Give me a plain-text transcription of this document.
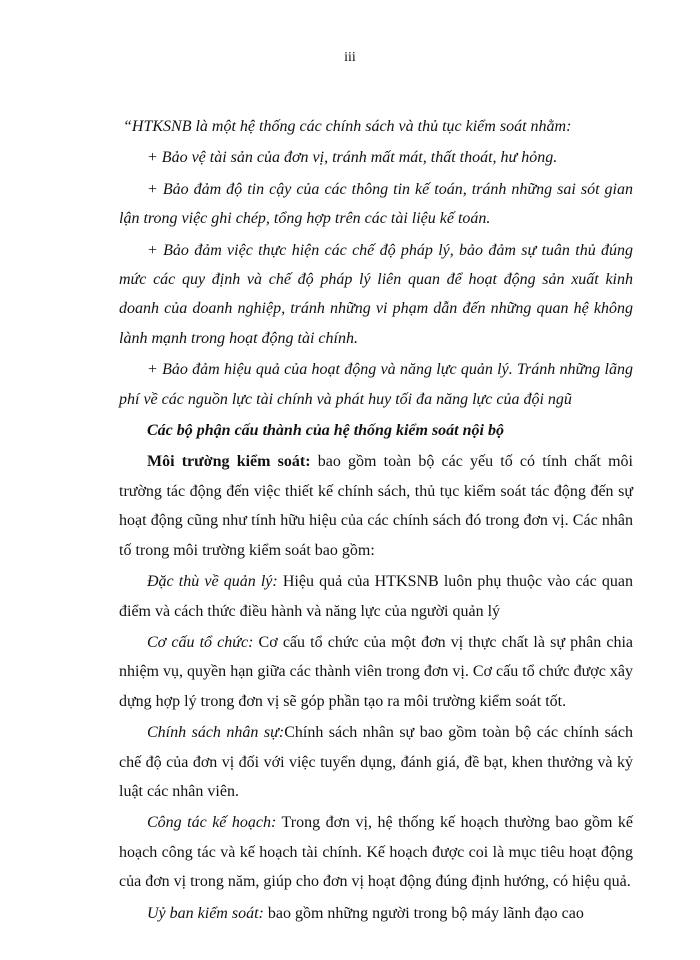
iii

“HTKSNB là một hệ thống các chính sách và thủ tục kiểm soát nhằm:

+ Bảo vệ tài sản của đơn vị, tránh mất mát, thất thoát, hư hỏng.

+ Bảo đảm độ tin cậy của các thông tin kế toán, tránh những sai sót gian lận trong việc ghi chép, tổng hợp trên các tài liệu kế toán.

+ Bảo đảm việc thực hiện các chế độ pháp lý, bảo đảm sự tuân thủ đúng mức các quy định và chế độ pháp lý liên quan để hoạt động sản xuất kinh doanh của doanh nghiệp, tránh những vi phạm dẫn đến những quan hệ không lành mạnh trong hoạt động tài chính.

+ Bảo đảm hiệu quả của hoạt động và năng lực quản lý. Tránh những lãng phí về các nguồn lực tài chính và phát huy tối đa năng lực của đội ngũ

Các bộ phận cấu thành của hệ thống kiểm soát nội bộ

Môi trường kiểm soát: bao gồm toàn bộ các yếu tố có tính chất môi trường tác động đến việc thiết kế chính sách, thủ tục kiểm soát tác động đến sự hoạt động cũng như tính hữu hiệu của các chính sách đó trong đơn vị. Các nhân tố trong môi trường kiểm soát bao gồm:

Đặc thù về quản lý: Hiệu quả của HTKSNB luôn phụ thuộc vào các quan điểm và cách thức điều hành và năng lực của người quản lý

Cơ cấu tổ chức: Cơ cấu tổ chức của một đơn vị thực chất là sự phân chia nhiệm vụ, quyền hạn giữa các thành viên trong đơn vị. Cơ cấu tổ chức được xây dựng hợp lý trong đơn vị sẽ góp phần tạo ra môi trường kiểm soát tốt.

Chính sách nhân sự:Chính sách nhân sự bao gồm toàn bộ các chính sách chế độ của đơn vị đối với việc tuyển dụng, đánh giá, đề bạt, khen thưởng và kỷ luật các nhân viên.

Công tác kế hoạch: Trong đơn vị, hệ thống kế hoạch thường bao gồm kế hoạch công tác và kế hoạch tài chính. Kế hoạch được coi là mục tiêu hoạt động của đơn vị trong năm, giúp cho đơn vị hoạt động đúng định hướng, có hiệu quả.

Uỷ ban kiểm soát: bao gồm những người trong bộ máy lãnh đạo cao
